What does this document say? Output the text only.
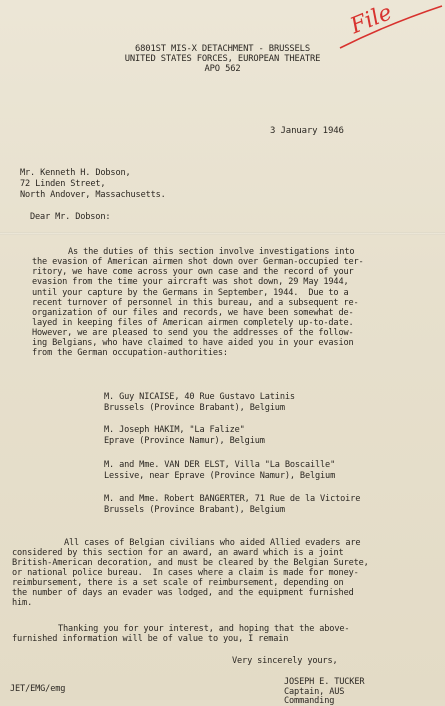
6801ST MIS-X DETACHMENT - BRUSSELS
UNITED STATES FORCES, EUROPEAN THEATRE
APO 562
File
3 January 1946
Mr. Kenneth H. Dobson,
72 Linden Street,
North Andover, Massachusetts.
Dear Mr. Dobson:
As the duties of this section involve investigations into
the evasion of American airmen shot down over German-occupied ter-
ritory, we have come across your own case and the record of your
evasion from the time your aircraft was shot down, 29 May 1944,
until your capture by the Germans in September, 1944.  Due to a
recent turnover of personnel in this bureau, and a subsequent re-
organization of our files and records, we have been somewhat de-
layed in keeping files of American airmen completely up-to-date.
However, we are pleased to send you the addresses of the follow-
ing Belgians, who have claimed to have aided you in your evasion
from the German occupation-authorities:
M. Guy NICAISE, 40 Rue Gustavo Latinis
Brussels (Province Brabant), Belgium
M. Joseph HAKIM, "La Falize"
Eprave (Province Namur), Belgium
M. and Mme. VAN DER ELST, Villa "La Boscaille"
Lessive, near Eprave (Province Namur), Belgium
M. and Mme. Robert BANGERTER, 71 Rue de la Victoire
Brussels (Province Brabant), Belgium
All cases of Belgian civilians who aided Allied evaders are
considered by this section for an award, an award which is a joint
British-American decoration, and must be cleared by the Belgian Surete,
or national police bureau.  In cases where a claim is made for money-
reimbursement, there is a set scale of reimbursement, depending on
the number of days an evader was lodged, and the equipment furnished
him.
Thanking you for your interest, and hoping that the above-
furnished information will be of value to you, I remain
Very sincerely yours,
JOSEPH E. TUCKER
Captain, AUS
Commanding
JET/EMG/emg
